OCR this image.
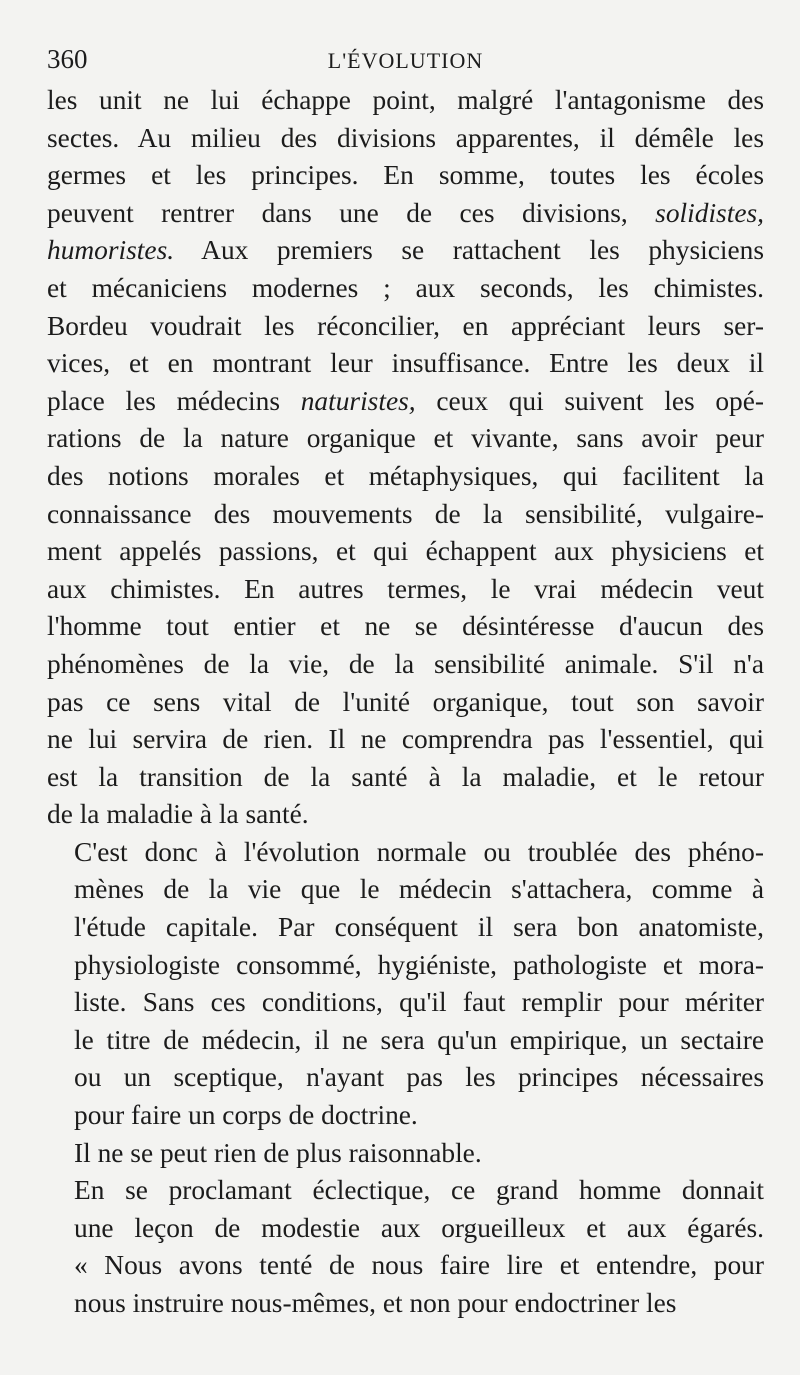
360	L'ÉVOLUTION

les unit ne lui échappe point, malgré l'antagonisme des
sectes. Au milieu des divisions apparentes, il démêle les
germes et les principes. En somme, toutes les écoles
peuvent rentrer dans une de ces divisions, solidistes,
humoristes. Aux premiers se rattachent les physiciens
et mécaniciens modernes ; aux seconds, les chimistes.
Bordeu voudrait les réconcilier, en appréciant leurs ser-
vices, et en montrant leur insuffisance. Entre les deux il
place les médecins naturistes, ceux qui suivent les opé-
rations de la nature organique et vivante, sans avoir peur
des notions morales et métaphysiques, qui facilitent la
connaissance des mouvements de la sensibilité, vulgaire-
ment appelés passions, et qui échappent aux physiciens et
aux chimistes. En autres termes, le vrai médecin veut
l'homme tout entier et ne se désintéresse d'aucun des
phénomènes de la vie, de la sensibilité animale. S'il n'a
pas ce sens vital de l'unité organique, tout son savoir
ne lui servira de rien. Il ne comprendra pas l'essentiel, qui
est la transition de la santé à la maladie, et le retour
de la maladie à la santé.

C'est donc à l'évolution normale ou troublée des phéno-
mènes de la vie que le médecin s'attachera, comme à
l'étude capitale. Par conséquent il sera bon anatomiste,
physiologiste consommé, hygiéniste, pathologiste et mora-
liste. Sans ces conditions, qu'il faut remplir pour mériter
le titre de médecin, il ne sera qu'un empirique, un sectaire
ou un sceptique, n'ayant pas les principes nécessaires
pour faire un corps de doctrine.

Il ne se peut rien de plus raisonnable.

En se proclamant éclectique, ce grand homme donnait
une leçon de modestie aux orgueilleux et aux égarés.
« Nous avons tenté de nous faire lire et entendre, pour
nous instruire nous-mêmes, et non pour endoctriner les
